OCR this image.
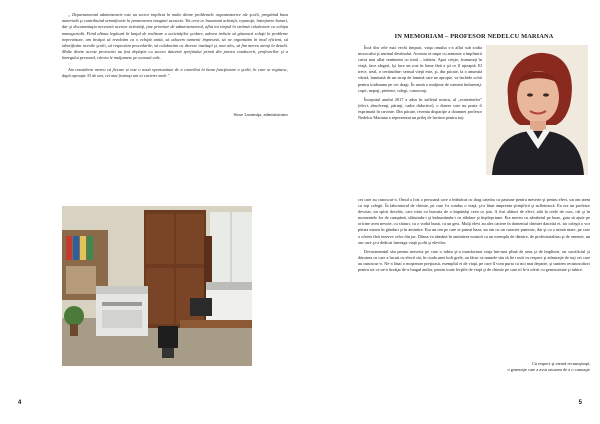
„ Departamentul administrativ este un sector implicat în multe dintre problemele organizatorice ale şcolii, pregătind baza materială şi contribuind semnificativ la promovarea imaginii acesteia. Tot ceea ce înseamnă achiziţii, reparaţii, întreţinere bunuri, dar şi documentaţia necesară acestor activităţi, ţine prioritar de administratorul, aflat tot timpul în strânsă colaborare cu echipa managerială. Fiind ultima legătură în lanţul de realizare a activităţilor şcolare, adesea trebuie să găsească soluţii la probleme neprevăzute, am învăţat să rezolvăm ca o echipă unită, să aducem oamenii împreună, să ne organizăm în mod eficient, să identificăm nevoile şcolii, să respectăm procedurile, să colaborăm cu diverse instituţii şi, mai ales, să fim mereu atenţi la detalii. Multe dintre aceste provocări au fost depăşite cu succes datorită sprijinului primit din partea conducerii, profesorilor şi a întregului personal, cărora le mulţumesc pe această cale.

Am considerat mereu că fiecare zi este o nouă oportunitate de a contribui la buna funcţionare a şcolii, în care se regăsesc, după aproape 33 de ani, cei mai frumoşi ani ai carierei mele."

Stroe Luminiţa, administrator
4
IN MEMORIAM – PROFESOR NEDELCU MARIANA

Încă din cele mai vechi timpuri, viaţa omului s-a aflat sub zodia morocului şi seninul destinului. Aceasta se naşte cu armonie a împlinirii cuiva mai aflat sentiment cu totul – iubirea. Apoi creşte, frumuseţi în viaţă, face alegeri, îşi face un rost în lume fără a şti ce îl aşteaptă. El trece, ireal, o certitudine: sensul vieţii este, şi, din păcate, la o anumită vârstă, luminată de un strop de lumină care ne apropie, va închide ochii pentru totdeauna pe cei dragi. În urmă o mulţime de oameni îndureraţi: copii, nepoţi, prieteni, colegi, cunoscuţi.

Începutul anului 2017 a adus în sufletul nostru, al „ecaterinelor" (elevi, absolvenţi, părinţi, cadre didactice), o durere care nu poate fi exprimată în cuvinte. Din păcate, recenta dispariţie a doamnei profesor Nedelcu Mariana a reprezentat un prilej de lacrimi pentru toţi

cei care au cunoscut-o. Omul a fost o persoană care a îmbrăcat cu drag catedra cu pasiune pentru meserie şi pentru elevi, un om atent cu toţi colegii. În laboratorul de chimie, pe care l-a condus o viaţă, şi-a lăsat amprenta ştiinţifică şi sufletească. Ea era un profesor devotat, un spirit deschis, care trăia cu bucuria de a împărtăşi ceea ce ştia. A fost alături de elevi, atât la orele de curs, cât şi în momentele lor de cumpănă, sfătuindu-i şi îndrumându-i cu răbdare şi înţelepciune. Era mereu cu zâmbetul pe buze, gata să ajute pe oricine avea nevoie, cu sfaturi, cu o vorbă bună, cu un gest. Mulţi elevi au ales cariere în domeniul chimiei datorită ei, iar colegii o vor păstra mereu în gânduri şi în amintire. Era un om pe care te puteai baza, un om cu un caracter puternic, dar şi cu o inimă mare, pe care o oferea fără rezerve celor din jur. Dânsa va rămâne în amintirea noastră ca un exemplu de dăruire, de profesionalism şi de omenie, un om care şi-a dedicat întreaga viaţă şcolii şi elevilor.

Devotamentul său pentru meseria pe care o iubea şi-a transformat viaţa într-una plină de sens şi de împliniri, iar sacrificiul şi dăruirea cu care a lucrat cu elevii săi, în ciuda unei boli grele, au făcut ca numele său să fie rostit cu respect şi admiraţie de toţi cei care au cunoscut-o. Ne-a lăsat o moştenire preţioasă, exemplul ei de viaţă, pe care îl vom purta cu noi mai departe, şi suntem recunoscători pentru tot ce ne-a învăţat de-a lungul anilor, pentru toate lecţiile de viaţă şi de chimie pe care ni le-a oferit cu generozitate şi iubire.

Cu respect şi eternă recunoştinţă,
o generaţie care a avut onoarea de a o cunoaşte
5
